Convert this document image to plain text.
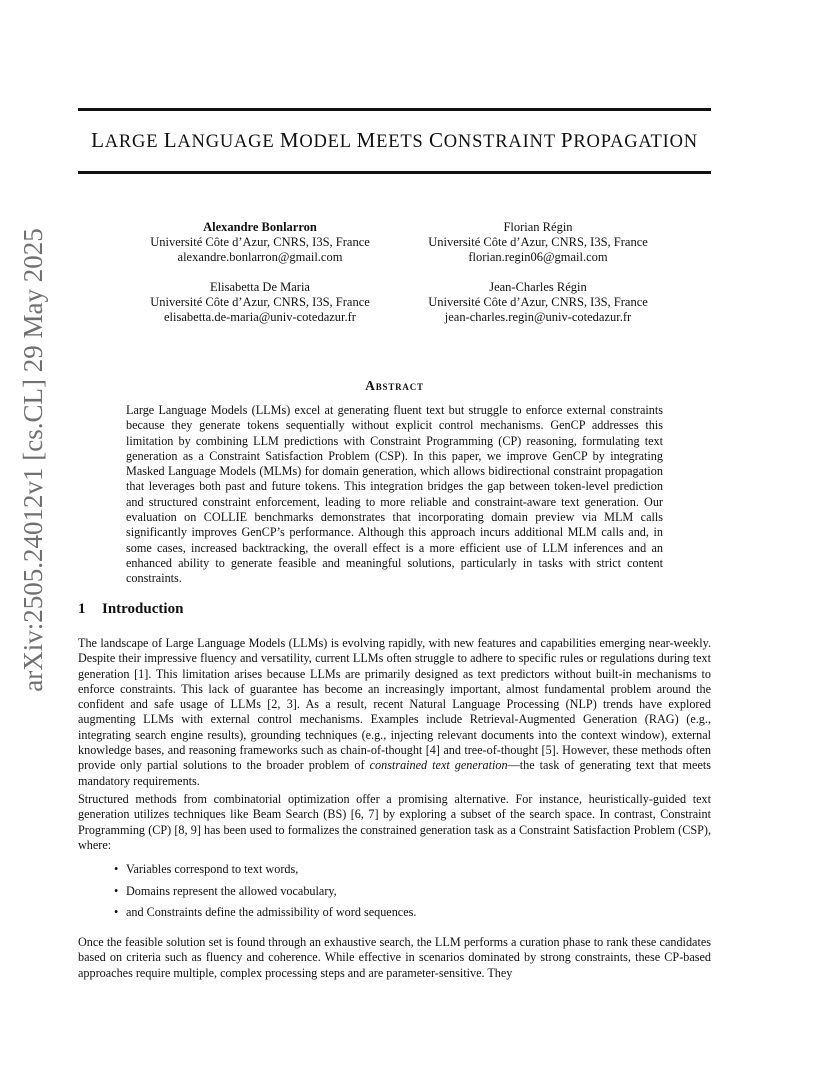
arXiv:2505.24012v1 [cs.CL] 29 May 2025
LARGE LANGUAGE MODEL MEETS CONSTRAINT PROPAGATION
Alexandre Bonlarron
Université Côte d’Azur, CNRS, I3S, France
alexandre.bonlarron@gmail.com
Florian Régin
Université Côte d’Azur, CNRS, I3S, France
florian.regin06@gmail.com
Elisabetta De Maria
Université Côte d’Azur, CNRS, I3S, France
elisabetta.de-maria@univ-cotedazur.fr
Jean-Charles Régin
Université Côte d’Azur, CNRS, I3S, France
jean-charles.regin@univ-cotedazur.fr
Abstract
Large Language Models (LLMs) excel at generating fluent text but struggle to enforce external constraints because they generate tokens sequentially without explicit control mechanisms. GenCP addresses this limitation by combining LLM predictions with Constraint Programming (CP) reasoning, formulating text generation as a Constraint Satisfaction Problem (CSP). In this paper, we improve GenCP by integrating Masked Language Models (MLMs) for domain generation, which allows bidirectional constraint propagation that leverages both past and future tokens. This integration bridges the gap between token-level prediction and structured constraint enforcement, leading to more reliable and constraint-aware text generation. Our evaluation on COLLIE benchmarks demonstrates that incorporating domain preview via MLM calls significantly improves GenCP’s performance. Although this approach incurs additional MLM calls and, in some cases, increased backtracking, the overall effect is a more efficient use of LLM inferences and an enhanced ability to generate feasible and meaningful solutions, particularly in tasks with strict content constraints.
1 Introduction
The landscape of Large Language Models (LLMs) is evolving rapidly, with new features and capabilities emerging near-weekly. Despite their impressive fluency and versatility, current LLMs often struggle to adhere to specific rules or regulations during text generation [1]. This limitation arises because LLMs are primarily designed as text predictors without built-in mechanisms to enforce constraints. This lack of guarantee has become an increasingly important, almost fundamental problem around the confident and safe usage of LLMs [2, 3]. As a result, recent Natural Language Processing (NLP) trends have explored augmenting LLMs with external control mechanisms. Examples include Retrieval-Augmented Generation (RAG) (e.g., integrating search engine results), grounding techniques (e.g., injecting relevant documents into the context window), external knowledge bases, and reasoning frameworks such as chain-of-thought [4] and tree-of-thought [5]. However, these methods often provide only partial solutions to the broader problem of constrained text generation—the task of generating text that meets mandatory requirements.
Structured methods from combinatorial optimization offer a promising alternative. For instance, heuristically-guided text generation utilizes techniques like Beam Search (BS) [6, 7] by exploring a subset of the search space. In contrast, Constraint Programming (CP) [8, 9] has been used to formalizes the constrained generation task as a Constraint Satisfaction Problem (CSP), where:
• Variables correspond to text words,
• Domains represent the allowed vocabulary,
• and Constraints define the admissibility of word sequences.
Once the feasible solution set is found through an exhaustive search, the LLM performs a curation phase to rank these candidates based on criteria such as fluency and coherence. While effective in scenarios dominated by strong constraints, these CP-based approaches require multiple, complex processing steps and are parameter-sensitive. They
